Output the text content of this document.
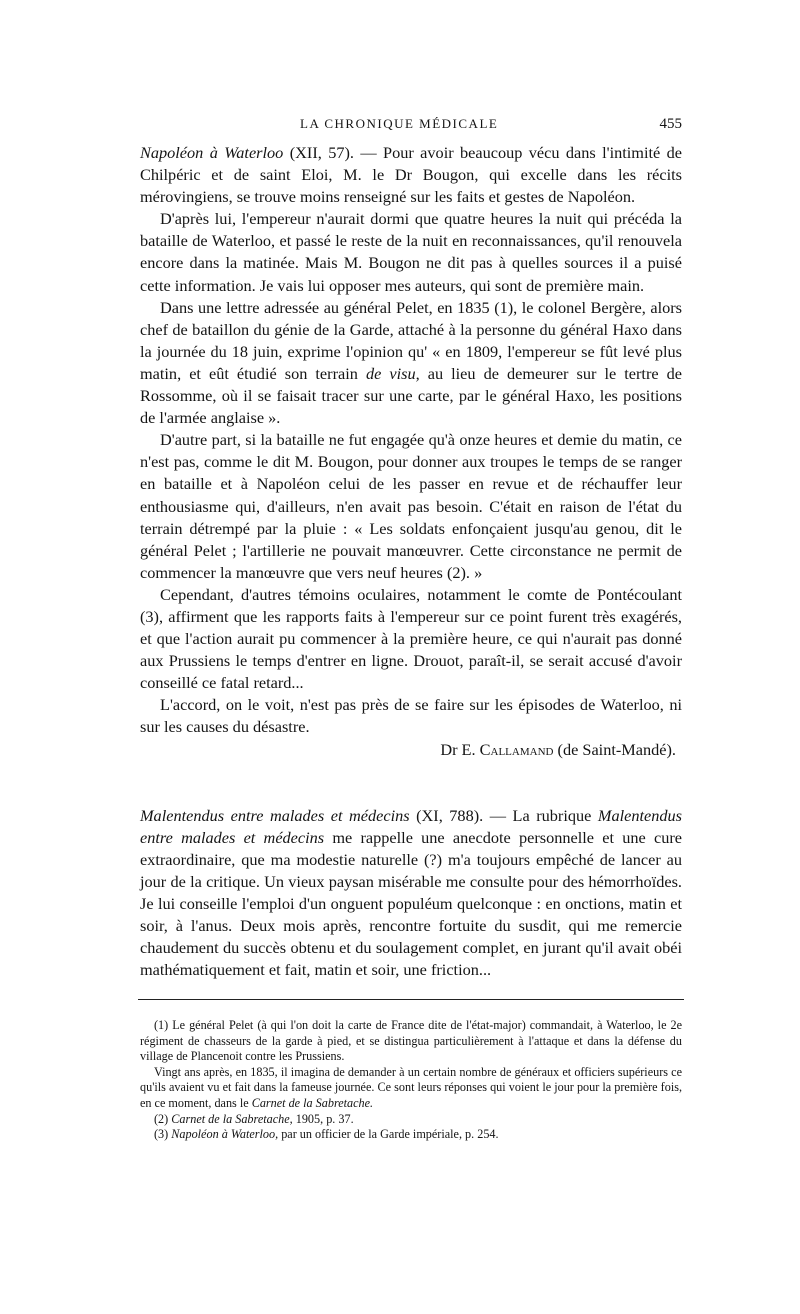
LA CHRONIQUE MÉDICALE	455

Napoléon à Waterloo (XII, 57). — Pour avoir beaucoup vécu dans l'intimité de Chilpéric et de saint Eloi, M. le Dr Bougon, qui excelle dans les récits mérovingiens, se trouve moins renseigné sur les faits et gestes de Napoléon.

D'après lui, l'empereur n'aurait dormi que quatre heures la nuit qui précéda la bataille de Waterloo, et passé le reste de la nuit en reconnaissances, qu'il renouvela encore dans la matinée. Mais M. Bougon ne dit pas à quelles sources il a puisé cette information. Je vais lui opposer mes auteurs, qui sont de première main.

Dans une lettre adressée au général Pelet, en 1835 (1), le colonel Bergère, alors chef de bataillon du génie de la Garde, attaché à la personne du général Haxo dans la journée du 18 juin, exprime l'opinion qu' « en 1809, l'empereur se fût levé plus matin, et eût étudié son terrain de visu, au lieu de demeurer sur le tertre de Rossomme, où il se faisait tracer sur une carte, par le général Haxo, les positions de l'armée anglaise ».

D'autre part, si la bataille ne fut engagée qu'à onze heures et demie du matin, ce n'est pas, comme le dit M. Bougon, pour donner aux troupes le temps de se ranger en bataille et à Napoléon celui de les passer en revue et de réchauffer leur enthousiasme qui, d'ailleurs, n'en avait pas besoin. C'était en raison de l'état du terrain détrempé par la pluie : « Les soldats enfonçaient jusqu'au genou, dit le général Pelet ; l'artillerie ne pouvait manœuvrer. Cette circonstance ne permit de commencer la manœuvre que vers neuf heures (2). »

Cependant, d'autres témoins oculaires, notamment le comte de Pontécoulant (3), affirment que les rapports faits à l'empereur sur ce point furent très exagérés, et que l'action aurait pu commencer à la première heure, ce qui n'aurait pas donné aux Prussiens le temps d'entrer en ligne. Drouot, paraît-il, se serait accusé d'avoir conseillé ce fatal retard...

L'accord, on le voit, n'est pas près de se faire sur les épisodes de Waterloo, ni sur les causes du désastre.

Dr E. Callamand (de Saint-Mandé).

Malentendus entre malades et médecins (XI, 788). — La rubrique Malentendus entre malades et médecins me rappelle une anecdote personnelle et une cure extraordinaire, que ma modestie naturelle (?) m'a toujours empêché de lancer au jour de la critique. Un vieux paysan misérable me consulte pour des hémorrhoïdes. Je lui conseille l'emploi d'un onguent populéum quelconque : en onctions, matin et soir, à l'anus. Deux mois après, rencontre fortuite du susdit, qui me remercie chaudement du succès obtenu et du soulagement complet, en jurant qu'il avait obéi mathématiquement et fait, matin et soir, une friction...

(1) Le général Pelet (à qui l'on doit la carte de France dite de l'état-major) commandait, à Waterloo, le 2e régiment de chasseurs de la garde à pied, et se distingua particulièrement à l'attaque et dans la défense du village de Plancenoit contre les Prussiens.

Vingt ans après, en 1835, il imagina de demander à un certain nombre de généraux et officiers supérieurs ce qu'ils avaient vu et fait dans la fameuse journée. Ce sont leurs réponses qui voient le jour pour la première fois, en ce moment, dans le Carnet de la Sabretache.

(2) Carnet de la Sabretache, 1905, p. 37.

(3) Napoléon à Waterloo, par un officier de la Garde impériale, p. 254.
